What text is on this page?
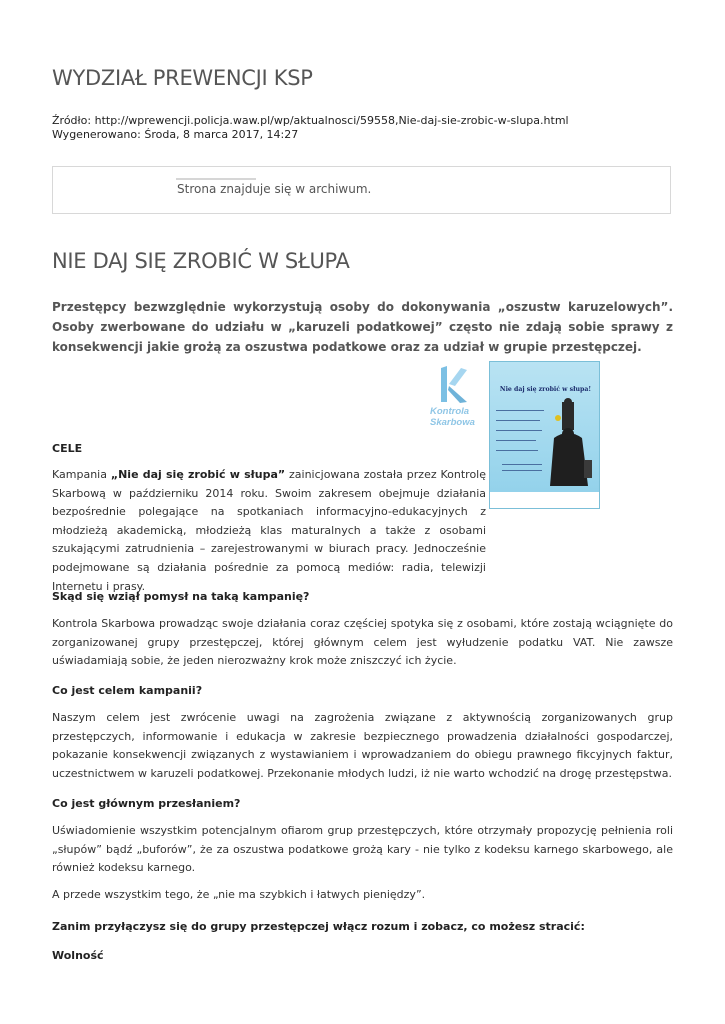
WYDZIAŁ PREWENCJI KSP
Źródło: http://wprewencji.policja.waw.pl/wp/aktualnosci/59558,Nie-daj-sie-zrobic-w-slupa.html
Wygenerowano: Środa, 8 marca 2017, 14:27
Strona znajduje się w archiwum.
NIE DAJ SIĘ ZROBIĆ W SŁUPA

Przestępcy bezwzględnie wykorzystują osoby do dokonywania „oszustw karuzelowych”. Osoby zwerbowane do udziału w „karuzeli podatkowej” często nie zdają sobie sprawy z konsekwencji jakie grożą za oszustwa podatkowe oraz za udział w grupie przestępczej.

Kontrola
Skarbowa
Nie daj się zrobić w słupa!
CELE

Kampania „Nie daj się zrobić w słupa” zainicjowana została przez Kontrolę Skarbową w październiku 2014 roku. Swoim zakresem obejmuje działania bezpośrednie polegające na spotkaniach informacyjno-edukacyjnych z młodzieżą akademicką, młodzieżą klas maturalnych a także z osobami szukającymi zatrudnienia – zarejestrowanymi w biurach pracy. Jednocześnie podejmowane są działania pośrednie za pomocą mediów: radia, telewizji Internetu i prasy.

Skąd się wziął pomysł na taką kampanię?

Kontrola Skarbowa prowadząc swoje działania coraz częściej spotyka się z osobami, które zostają wciągnięte do zorganizowanej grupy przestępczej, której głównym celem jest wyłudzenie podatku VAT. Nie zawsze uświadamiają sobie, że jeden nierozważny krok może zniszczyć ich życie.

Co jest celem kampanii?

Naszym celem jest zwrócenie uwagi na zagrożenia związane z aktywnością zorganizowanych grup przestępczych, informowanie i edukacja w zakresie bezpiecznego prowadzenia działalności gospodarczej, pokazanie konsekwencji związanych z wystawianiem i wprowadzaniem do obiegu prawnego fikcyjnych faktur, uczestnictwem w karuzeli podatkowej. Przekonanie młodych ludzi, iż nie warto wchodzić na drogę przestępstwa.

Co jest głównym przesłaniem?

Uświadomienie wszystkim potencjalnym ofiarom grup przestępczych, które otrzymały propozycję pełnienia roli „słupów” bądź „buforów”, że za oszustwa podatkowe grożą kary - nie tylko z kodeksu karnego skarbowego, ale również kodeksu karnego.

A przede wszystkim tego, że „nie ma szybkich i łatwych pieniędzy”.

Zanim przyłączysz się do grupy przestępczej włącz rozum i zobacz, co możesz stracić:
Wolność
